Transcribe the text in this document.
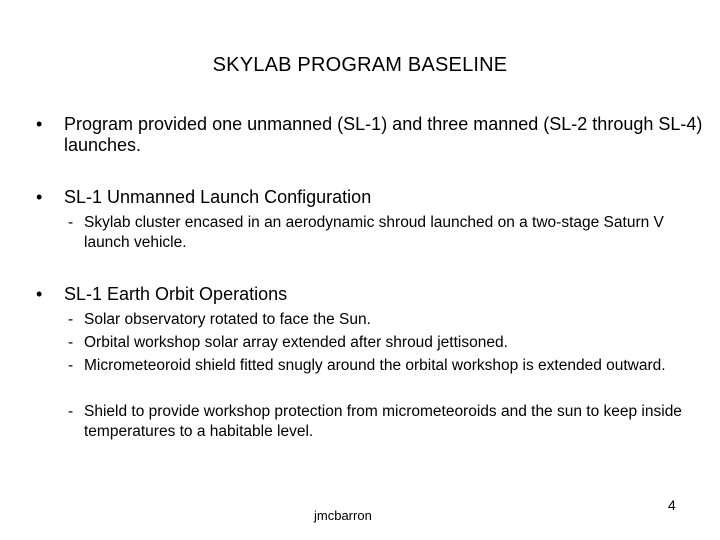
SKYLAB PROGRAM BASELINE
• Program provided one unmanned (SL-1) and three manned (SL-2 through SL-4) launches.
• SL-1 Unmanned Launch Configuration
- Skylab cluster encased in an aerodynamic shroud launched on a two-stage Saturn V launch vehicle.
• SL-1 Earth Orbit Operations
- Solar observatory rotated to face the Sun.
- Orbital workshop solar array extended after shroud jettisoned.
- Micrometeoroid shield fitted snugly around the orbital workshop is extended outward.
- Shield to provide workshop protection from micrometeoroids and the sun to keep inside temperatures to a habitable level.
jmcbarron
4
